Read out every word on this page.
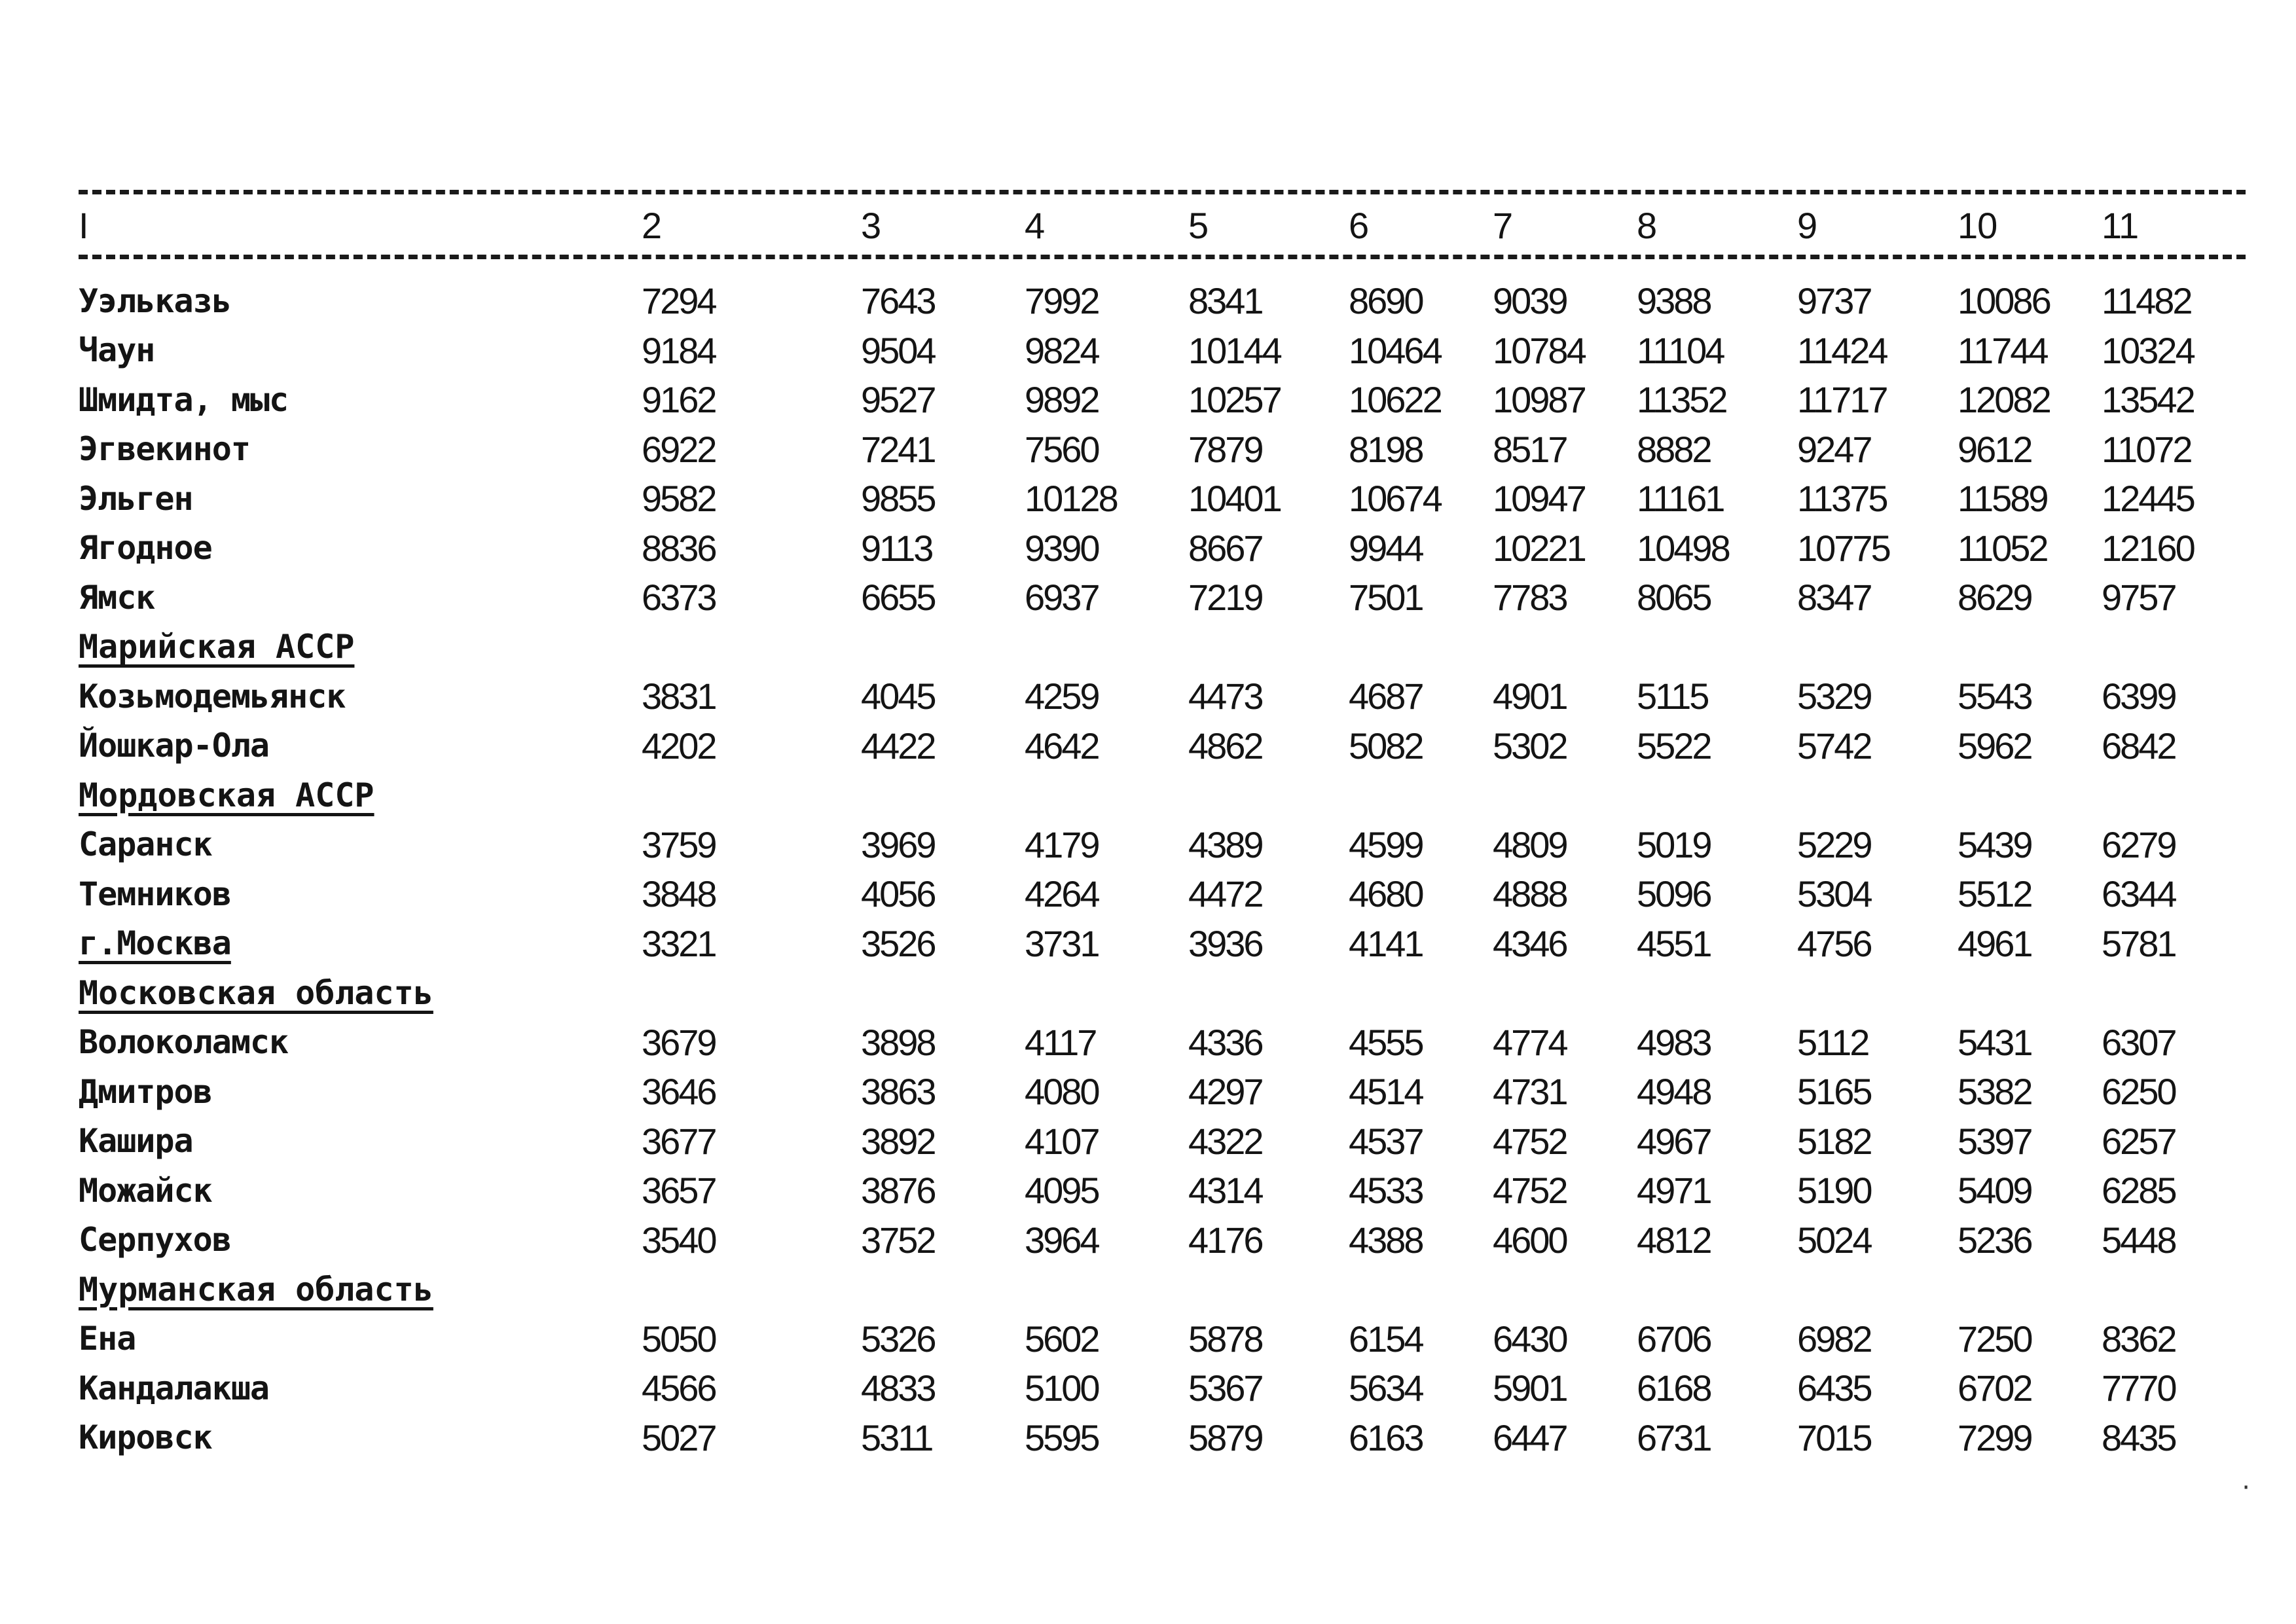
I	2	3	4	5	6	7	8	9	10	11
Уэльказь	7294	7643	7992	8341	8690	9039	9388	9737	10086	11482
Чаун	9184	9504	9824	10144	10464	10784	11104	11424	11744	10324
Шмидта, мыс	9162	9527	9892	10257	10622	10987	11352	11717	12082	13542
Эгвекинот	6922	7241	7560	7879	8198	8517	8882	9247	9612	11072
Эльген	9582	9855	10128	10401	10674	10947	11161	11375	11589	12445
Ягодное	8836	9113	9390	8667	9944	10221	10498	10775	11052	12160
Ямск	6373	6655	6937	7219	7501	7783	8065	8347	8629	9757
Марийская АССР
Козьмодемьянск	3831	4045	4259	4473	4687	4901	5115	5329	5543	6399
Йошкар-Ола	4202	4422	4642	4862	5082	5302	5522	5742	5962	6842
Мордовская АССР
Саранск	3759	3969	4179	4389	4599	4809	5019	5229	5439	6279
Темников	3848	4056	4264	4472	4680	4888	5096	5304	5512	6344
г.Москва	3321	3526	3731	3936	4141	4346	4551	4756	4961	5781
Московская область
Волоколамск	3679	3898	4117	4336	4555	4774	4983	5112	5431	6307
Дмитров	3646	3863	4080	4297	4514	4731	4948	5165	5382	6250
Кашира	3677	3892	4107	4322	4537	4752	4967	5182	5397	6257
Можайск	3657	3876	4095	4314	4533	4752	4971	5190	5409	6285
Серпухов	3540	3752	3964	4176	4388	4600	4812	5024	5236	5448
Мурманская область
Ена	5050	5326	5602	5878	6154	6430	6706	6982	7250	8362
Кандалакша	4566	4833	5100	5367	5634	5901	6168	6435	6702	7770
Кировск	5027	5311	5595	5879	6163	6447	6731	7015	7299	8435
·
